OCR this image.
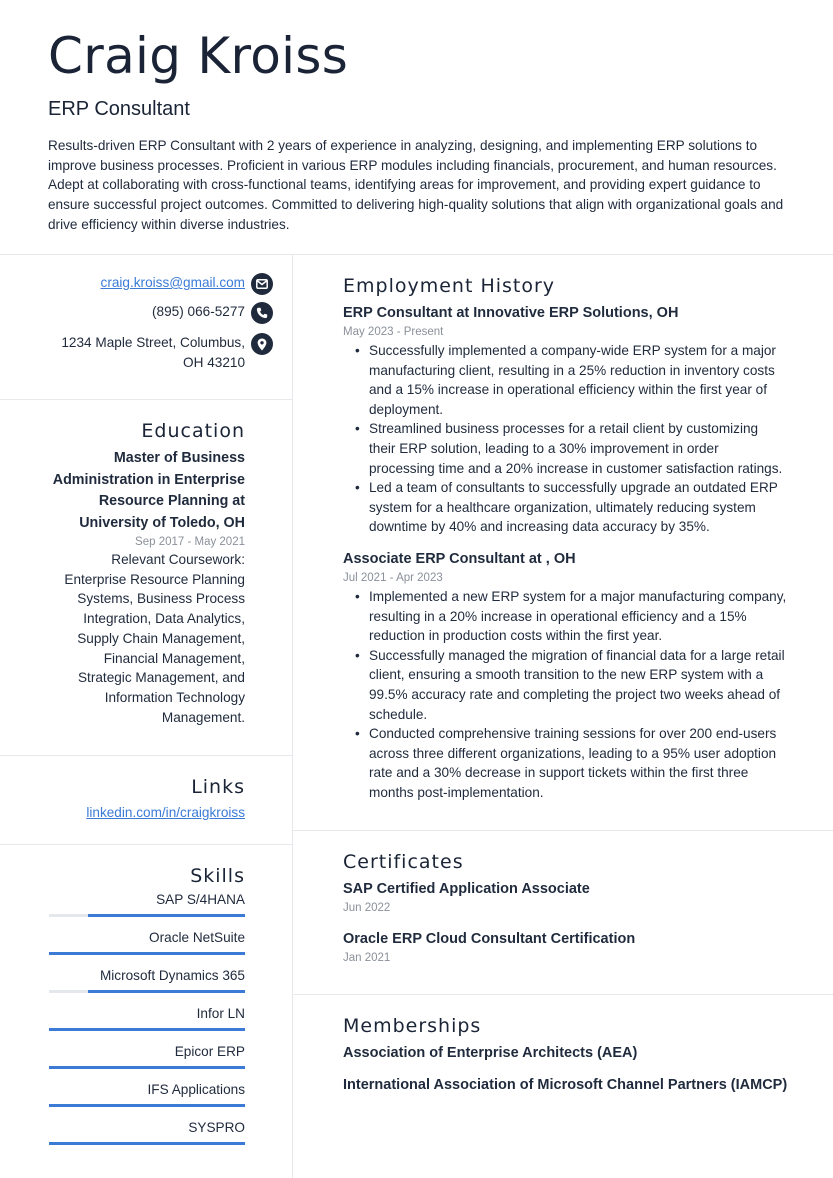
Craig Kroiss
ERP Consultant
Results-driven ERP Consultant with 2 years of experience in analyzing, designing, and implementing ERP solutions to improve business processes. Proficient in various ERP modules including financials, procurement, and human resources. Adept at collaborating with cross-functional teams, identifying areas for improvement, and providing expert guidance to ensure successful project outcomes. Committed to delivering high-quality solutions that align with organizational goals and drive efficiency within diverse industries.
craig.kroiss@gmail.com
(895) 066-5277
1234 Maple Street, Columbus,
OH 43210
Education
Master of Business
Administration in Enterprise
Resource Planning at
University of Toledo, OH
Sep 2017 - May 2021
Relevant Coursework:
Enterprise Resource Planning
Systems, Business Process
Integration, Data Analytics,
Supply Chain Management,
Financial Management,
Strategic Management, and
Information Technology
Management.
Links
linkedin.com/in/craigkroiss
Skills
SAP S/4HANA
Oracle NetSuite
Microsoft Dynamics 365
Infor LN
Epicor ERP
IFS Applications
SYSPRO
Employment History
ERP Consultant at Innovative ERP Solutions, OH
May 2023 - Present
• Successfully implemented a company-wide ERP system for a major manufacturing client, resulting in a 25% reduction in inventory costs and a 15% increase in operational efficiency within the first year of deployment.
• Streamlined business processes for a retail client by customizing their ERP solution, leading to a 30% improvement in order processing time and a 20% increase in customer satisfaction ratings.
• Led a team of consultants to successfully upgrade an outdated ERP system for a healthcare organization, ultimately reducing system downtime by 40% and increasing data accuracy by 35%.
Associate ERP Consultant at , OH
Jul 2021 - Apr 2023
• Implemented a new ERP system for a major manufacturing company, resulting in a 20% increase in operational efficiency and a 15% reduction in production costs within the first year.
• Successfully managed the migration of financial data for a large retail client, ensuring a smooth transition to the new ERP system with a 99.5% accuracy rate and completing the project two weeks ahead of schedule.
• Conducted comprehensive training sessions for over 200 end-users across three different organizations, leading to a 95% user adoption rate and a 30% decrease in support tickets within the first three months post-implementation.
Certificates
SAP Certified Application Associate
Jun 2022
Oracle ERP Cloud Consultant Certification
Jan 2021
Memberships
Association of Enterprise Architects (AEA)
International Association of Microsoft Channel Partners (IAMCP)
